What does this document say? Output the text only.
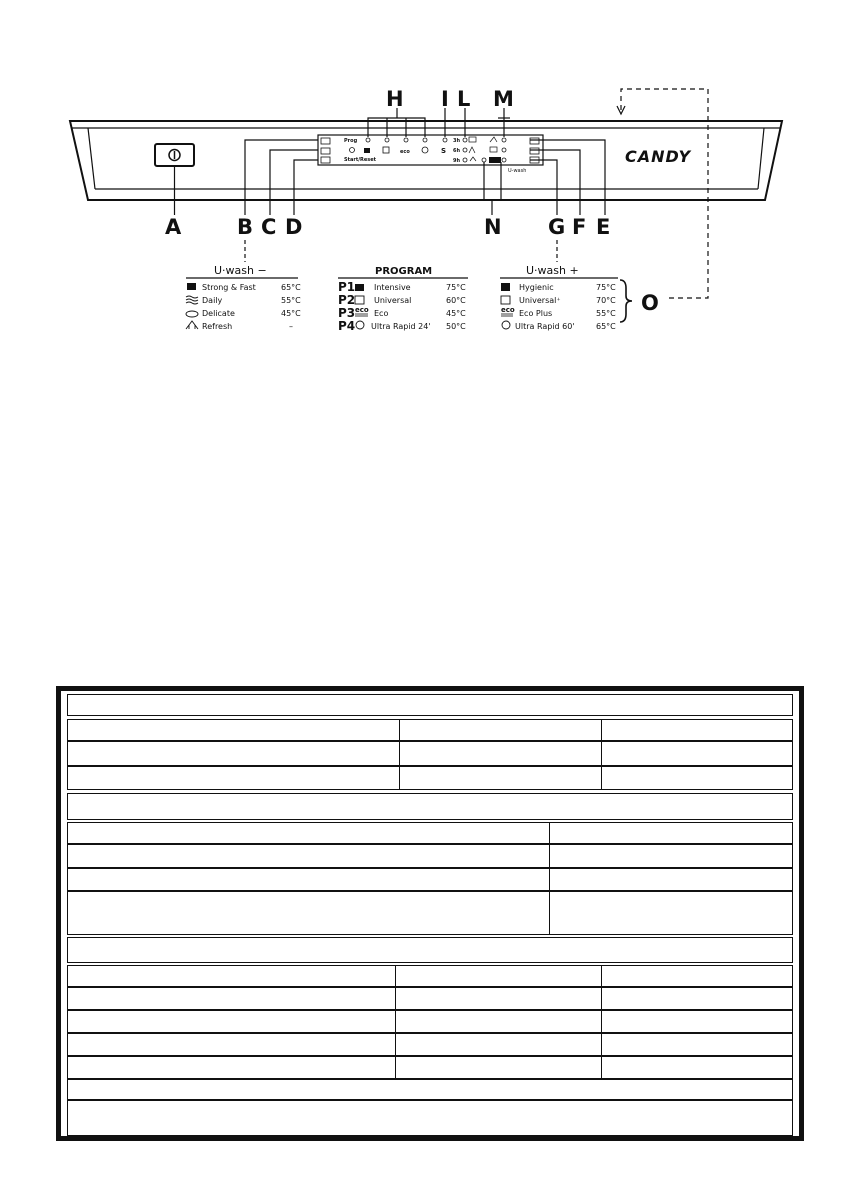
Prog
Start/Reset
U-wash
eco	S
3h
6h
9h	CANDY
A	B C D	E
F
G
H I L M
N
O
U·wash −
Strong & Fast	65°C
Daily	55°C
Delicate	45°C
Refresh	–
PROGRAM
P1 Intensive	75°C
P2 Universal	60°C
P3 eco Eco	45°C
P4 Ultra Rapid 24' 50°C
U·wash +
Hygienic	75°C
Universal⁺	70°C
eco Eco Plus	55°C
Ultra Rapid 60'	65°C
